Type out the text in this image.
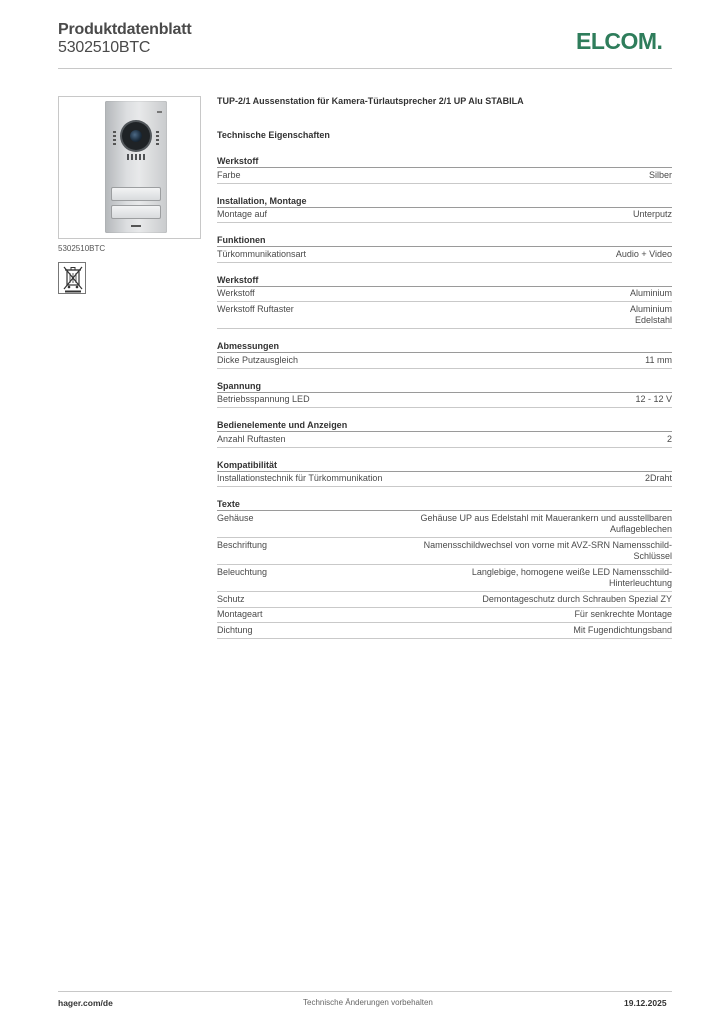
Produktdatenblatt
5302510BTC	ELCOM.
5302510BTC
TUP-2/1 Aussenstation für Kamera-Türlautsprecher 2/1 UP Alu STABILA
Technische Eigenschaften
Werkstoff
Farbe	Silber
Installation, Montage
Montage auf	Unterputz
Funktionen
Türkommunikationsart	Audio + Video
Werkstoff
Werkstoff	Aluminium
Werkstoff Ruftaster	Aluminium
Edelstahl
Abmessungen
Dicke Putzausgleich	11 mm
Spannung
Betriebsspannung LED	12 - 12 V
Bedienelemente und Anzeigen
Anzahl Ruftasten	2
Kompatibilität
Installationstechnik für Türkommunikation	2Draht
Texte
Gehäuse	Gehäuse UP aus Edelstahl mit Mauerankern und ausstellbaren
Auflageblechen
Beschriftung	Namensschildwechsel von vorne mit AVZ-SRN Namensschild-
Schlüssel
Beleuchtung	Langlebige, homogene weiße LED Namensschild-
Hinterleuchtung
Schutz	Demontageschutz durch Schrauben Spezial ZY
Montageart	Für senkrechte Montage
Dichtung	Mit Fugendichtungsband
hager.com/de	Technische Änderungen vorbehalten	19.12.2025
